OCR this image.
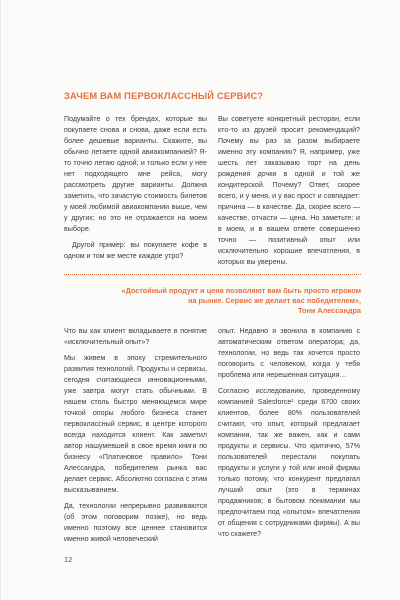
ЗАЧЕМ ВАМ ПЕРВОКЛАССНЫЙ СЕРВИС?

Подумайте о тех брендах, которые вы покупаете снова и снова, даже если есть более дешевые варианты. Скажите, вы обычно летаете одной авиакомпанией? Я-то точно летаю одной; и только если у нее нет подходящего мне рейса, могу рассмотреть другие варианты. Должна заметить, что зачастую стоимость билетов у моей любимой авиакомпании выше, чем у других; но это не отражается на моем выборе.

Другой пример: вы покупаете кофе в одном и том же месте каждое утро?

Вы советуете конкретный ресторан, если кто-то из друзей просит рекомендаций? Почему вы раз за разом выбираете именно эту компанию? Я, например, уже шесть лет заказываю торт на день рождения дочки в одной и той же кондитерской. Почему? Ответ, скорее всего, и у меня, и у вас прост и совпадает: причина — в качестве. Да, скорее всего — качестве, отчасти — цена. Но заметьте: и в моем, и в вашем ответе совершенно точно — позитивный опыт или исключительно хорошие впечатления, в которых вы уверены.

«Достойный продукт и цена позволяют вам быть просто игроком на рынке. Сервис же делает вас победителем»,
Тони Алессандра

Что вы как клиент вкладываете в понятие «исключительный опыт»?

Мы живем в эпоху стремительного развития технологий. Продукты и сервисы, сегодня считающиеся инновационными, уже завтра могут стать обычными. В нашем столь быстро меняющемся мире точкой опоры любого бизнеса станет первоклассный сервис, в центре которого всегда находится клиент. Как заметил автор нашумевшей в свое время книги по бизнесу «Платиновое правило» Тони Алессандра, победителем рынка вас делает сервис. Абсолютно согласна с этим высказыванием.

Да, технологии непрерывно развиваются (об этом поговорим позже), но ведь именно поэтому все ценнее становится именно живой человеческий

опыт. Недавно я звонила в компанию с автоматическим ответом оператора; да, технологии, но ведь так хочется просто поговорить с человеком, когда у тебя проблема или нерешенная ситуация…

Согласно исследованию, проведенному компанией Salesforce¹ среди 6700 своих клиентов, более 80% пользователей считают, что опыт, который предлагает компания, так же важен, как и сами продукты и сервисы. Что критично, 57% пользователей перестали покупать продукты и услуги у той или иной фирмы только потому, что конкурент предлагал лучший опыт (это в терминах продажников; в бытовом понимании мы предпочитаем под «опытом» впечатления от общения с сотрудниками фирмы). А вы что скажете?

12
